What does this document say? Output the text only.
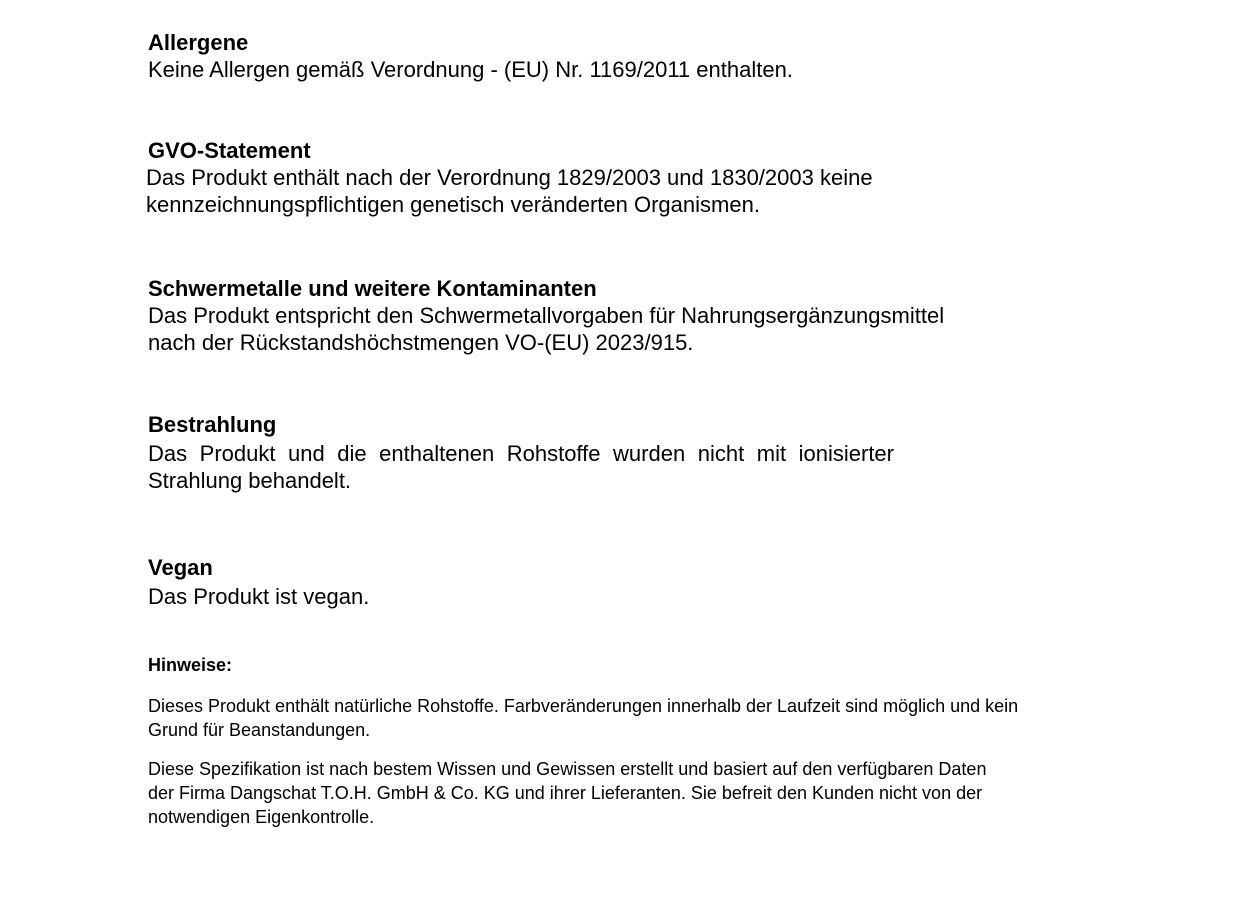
Allergene
Keine Allergen gemäß Verordnung - (EU) Nr. 1169/2011 enthalten.
GVO-Statement
Das Produkt enthält nach der Verordnung 1829/2003 und 1830/2003 keine
kennzeichnungspflichtigen genetisch veränderten Organismen.
Schwermetalle und weitere Kontaminanten
Das Produkt entspricht den Schwermetallvorgaben für Nahrungsergänzungsmittel
nach der Rückstandshöchstmengen VO-(EU) 2023/915.
Bestrahlung
Das Produkt und die enthaltenen Rohstoffe wurden nicht mit ionisierter
Strahlung behandelt.
Vegan
Das Produkt ist vegan.
Hinweise:
Dieses Produkt enthält natürliche Rohstoffe. Farbveränderungen innerhalb der Laufzeit sind möglich und kein
Grund für Beanstandungen.
Diese Spezifikation ist nach bestem Wissen und Gewissen erstellt und basiert auf den verfügbaren Daten
der Firma Dangschat T.O.H. GmbH & Co. KG und ihrer Lieferanten. Sie befreit den Kunden nicht von der
notwendigen Eigenkontrolle.
